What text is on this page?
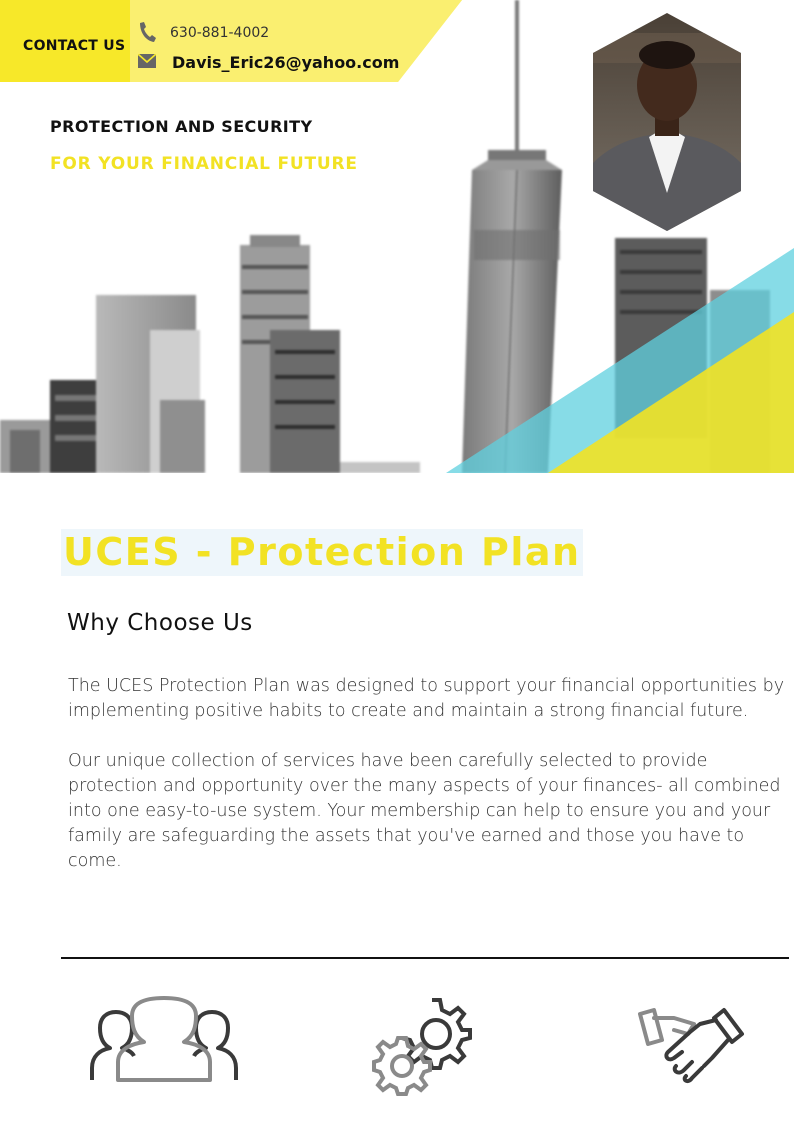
CONTACT US
630-881-4002
Davis_Eric26@yahoo.com
PROTECTION AND SECURITY
FOR YOUR FINANCIAL FUTURE
UCES - Protection Plan
Why Choose Us

The UCES Protection Plan was designed to support your financial opportunities by implementing positive habits to create and maintain a strong financial future.

Our unique collection of services have been carefully selected to provide protection and opportunity over the many aspects of your finances- all combined into one easy-to-use system. Your membership can help to ensure you and your family are safeguarding the assets that you've earned and those you have to come.
